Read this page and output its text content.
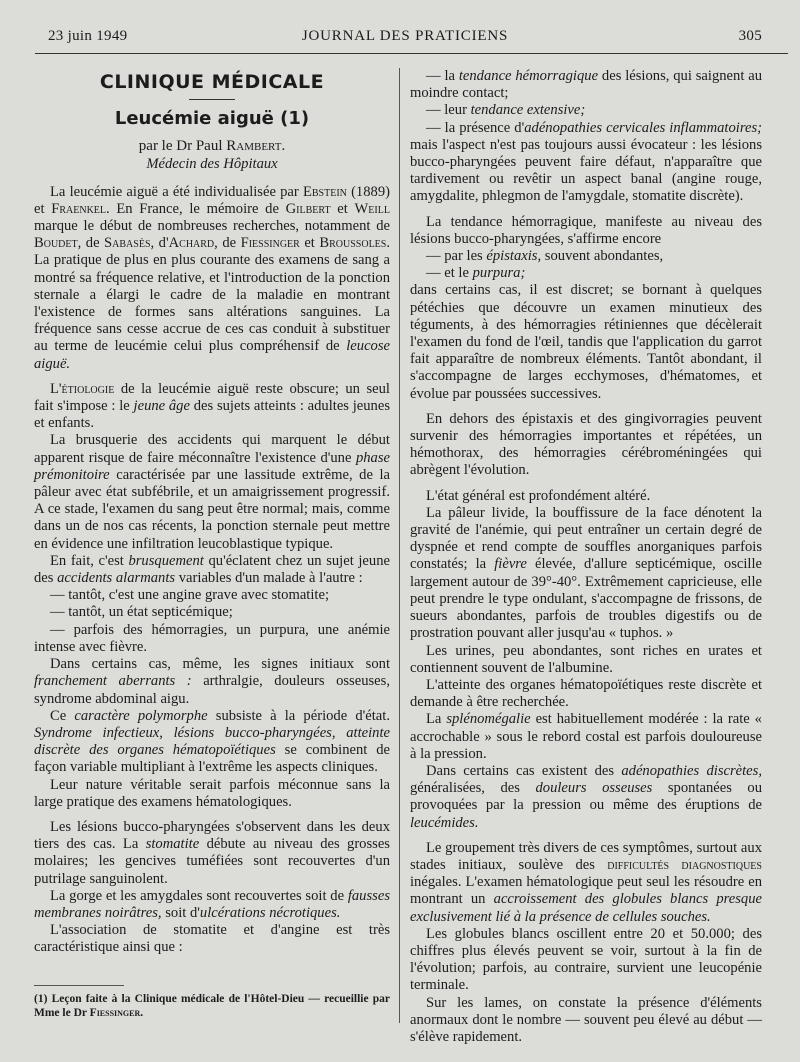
23 juin 1949	JOURNAL DES PRATICIENS	305
CLINIQUE MÉDICALE
Leucémie aiguë (1)
par le Dr Paul Rambert.
Médecin des Hôpitaux

La leucémie aiguë a été individualisée par Ebstein (1889) et Fraenkel. En France, le mémoire de Gilbert et Weill marque le début de nombreuses recherches, notamment de Boudet, de Sabasès, d'Achard, de Fiessinger et Broussoles. La pratique de plus en plus courante des examens de sang a montré sa fréquence relative, et l'introduction de la ponction sternale a élargi le cadre de la maladie en montrant l'existence de formes sans altérations sanguines. La fréquence sans cesse accrue de ces cas conduit à substituer au terme de leucémie celui plus compréhensif de leucose aiguë.

L'étiologie de la leucémie aiguë reste obscure; un seul fait s'impose : le jeune âge des sujets atteints : adultes jeunes et enfants.

La brusquerie des accidents qui marquent le début apparent risque de faire méconnaître l'existence d'une phase prémonitoire caractérisée par une lassitude extrême, de la pâleur avec état subfébrile, et un amaigrissement progressif. A ce stade, l'examen du sang peut être normal; mais, comme dans un de nos cas récents, la ponction sternale peut mettre en évidence une infiltration leucoblastique typique.

En fait, c'est brusquement qu'éclatent chez un sujet jeune des accidents alarmants variables d'un malade à l'autre :

— tantôt, c'est une angine grave avec stomatite;

— tantôt, un état septicémique;

— parfois des hémorragies, un purpura, une anémie intense avec fièvre.

Dans certains cas, même, les signes initiaux sont franchement aberrants : arthralgie, douleurs osseuses, syndrome abdominal aigu.

Ce caractère polymorphe subsiste à la période d'état. Syndrome infectieux, lésions bucco-pharyngées, atteinte discrète des organes hématopoïétiques se combinent de façon variable multipliant à l'extrême les aspects cliniques.

Leur nature véritable serait parfois méconnue sans la large pratique des examens hématologiques.

Les lésions bucco-pharyngées s'observent dans les deux tiers des cas. La stomatite débute au niveau des grosses molaires; les gencives tuméfiées sont recouvertes d'un putrilage sanguinolent.

La gorge et les amygdales sont recouvertes soit de fausses membranes noirâtres, soit d'ulcérations nécrotiques.

L'association de stomatite et d'angine est très caractéristique ainsi que :

(1) Leçon faite à la Clinique médicale de l'Hôtel-Dieu — recueillie par Mme le Dr Fiessinger.

— la tendance hémorragique des lésions, qui saignent au moindre contact;

— leur tendance extensive;

— la présence d'adénopathies cervicales inflammatoires; mais l'aspect n'est pas toujours aussi évocateur : les lésions bucco-pharyngées peuvent faire défaut, n'apparaître que tardivement ou revêtir un aspect banal (angine rouge, amygdalite, phlegmon de l'amygdale, stomatite discrète).

La tendance hémorragique, manifeste au niveau des lésions bucco-pharyngées, s'affirme encore

— par les épistaxis, souvent abondantes,

— et le purpura;

dans certains cas, il est discret; se bornant à quelques pétéchies que découvre un examen minutieux des téguments, à des hémorragies rétiniennes que décèlerait l'examen du fond de l'œil, tandis que l'application du garrot fait apparaître de nombreux éléments. Tantôt abondant, il s'accompagne de larges ecchymoses, d'hématomes, et évolue par poussées successives.

En dehors des épistaxis et des gingivorragies peuvent survenir des hémorragies importantes et répétées, un hémothorax, des hémorragies cérébroméningées qui abrègent l'évolution.

L'état général est profondément altéré.

La pâleur livide, la bouffissure de la face dénotent la gravité de l'anémie, qui peut entraîner un certain degré de dyspnée et rend compte de souffles anorganiques parfois constatés; la fièvre élevée, d'allure septicémique, oscille largement autour de 39°-40°. Extrêmement capricieuse, elle peut prendre le type ondulant, s'accompagne de frissons, de sueurs abondantes, parfois de troubles digestifs ou de prostration pouvant aller jusqu'au « tuphos. »

Les urines, peu abondantes, sont riches en urates et contiennent souvent de l'albumine.

L'atteinte des organes hématopoïétiques reste discrète et demande à être recherchée.

La splénomégalie est habituellement modérée : la rate « accrochable » sous le rebord costal est parfois douloureuse à la pression.

Dans certains cas existent des adénopathies discrètes, généralisées, des douleurs osseuses spontanées ou provoquées par la pression ou même des éruptions de leucémides.

Le groupement très divers de ces symptômes, surtout aux stades initiaux, soulève des difficultés diagnostiques inégales. L'examen hématologique peut seul les résoudre en montrant un accroissement des globules blancs presque exclusivement lié à la présence de cellules souches.

Les globules blancs oscillent entre 20 et 50.000; des chiffres plus élevés peuvent se voir, surtout à la fin de l'évolution; parfois, au contraire, survient une leucopénie terminale.

Sur les lames, on constate la présence d'éléments anormaux dont le nombre — souvent peu élevé au début — s'élève rapidement.
